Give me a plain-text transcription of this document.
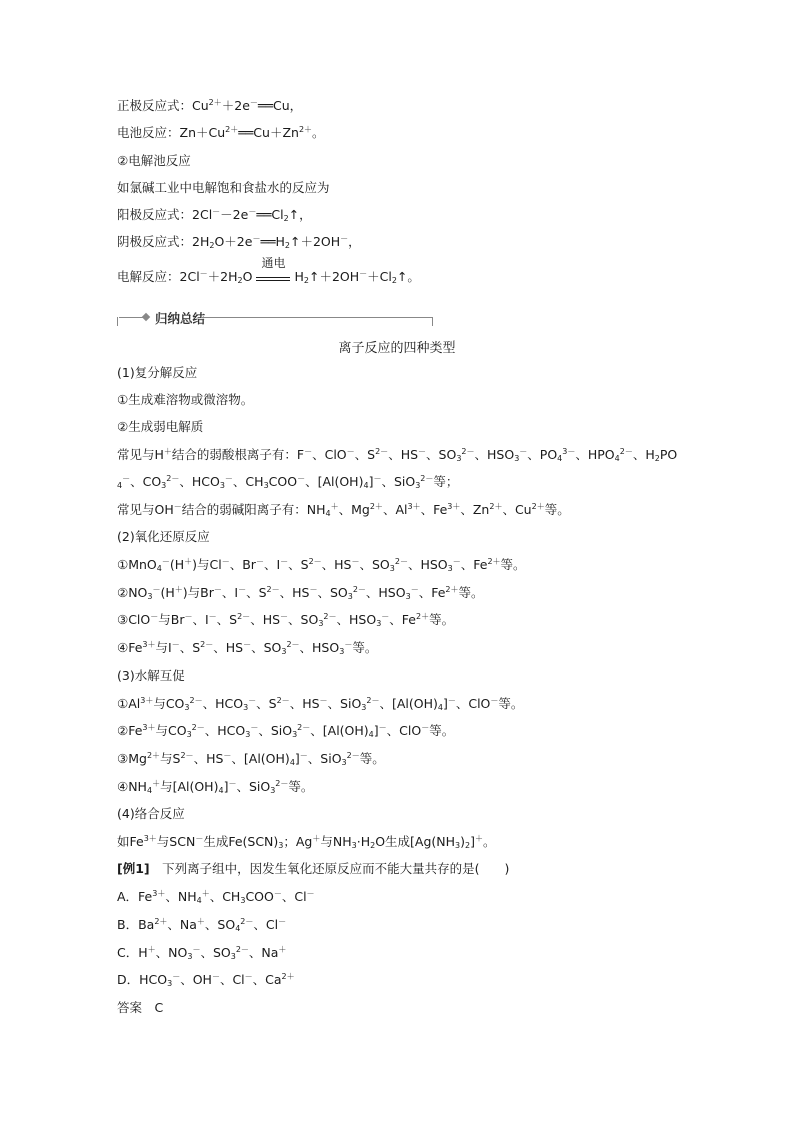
正极反应式：$Cu^{2+}+2e^-══Cu$，
电池反应：$Zn+Cu^{2+}══Cu+Zn^{2+}$。
②电解池反应
如氯碱工业中电解饱和食盐水的反应为
阳极反应式：$2Cl^--2e^-══Cl_2↑$，
阴极反应式：$2H_2O+2e^-══H_2↑+2OH^-$，
电解反应：$2Cl^-+2H_2O$
通电
$H_2↑+2OH^-+Cl_2↑$。
归纳总结
离子反应的四种类型
(1)复分解反应
①生成难溶物或微溶物。
②生成弱电解质
常见与H＋结合的弱酸根离子有：F－、ClO－、$S^{2-}$、HS－、$SO_3^{2-}$、$HSO_3^-$、$PO_4^{3-}$、$HPO_4^{2-}$、$H_2PO$
$_4$－、$CO_3^{2-}$、$HCO_3^-$、$CH_3COO^-$、$[Al(OH)_4]^-$、SiO$_3^{2-}$等；
常见与OH－结合的弱碱阳离子有：$NH_4^+$、$Mg^{2+}$、$Al^{3+}$、$Fe^{3+}$、$Zn^{2+}$、$Cu^{2+}$等。
(2)氧化还原反应
①MnO$_4$－(H＋)与Cl－、Br－、I－、$S^{2-}$、HS－、$SO_3^{2-}$、$HSO_3^-$、$Fe^{2+}$等。
$②NO_3^-(H^+)$与Br－、I－、$S^{2-}$、HS－、$SO_3^{2-}$、$HSO_3^-$、$Fe^{2+}$等。
③ClO－与Br－、I－、$S^{2-}$、HS－、$SO_3^{2-}$、$HSO_3^-$、$Fe^{2+}$等。
$④Fe^{3+}$与I－、$S^{2-}$、HS－、$SO_3^{2-}$、$HSO_3^-$等。
(3)水解互促
$①Al^{3+}$与$CO_3^{2-}$、$HCO_3^-$、$S^{2-}$、HS－、SiO$_3^{2-}$、$[Al(OH)_4]^-$、ClO－等。
$②Fe^{3+}$与$CO_3^{2-}$、$HCO_3^-$、SiO$_3^{2-}$、$[Al(OH)_4]^-$、ClO－等。
$③Mg^{2+}$与$S^{2-}$、HS－、$[Al(OH)_4]^-$、SiO$_3^{2-}$等。
$④NH_4^+$与$[Al(OH)_4]^-$、SiO$_3^{2-}$等。
(4)络合反应
如$Fe^{3+}$与SCN－生成$Fe(SCN)_3$；Ag＋与$NH_3\cdot H_2O$生成$[Ag(NH_3)_2]^+$。
[例1]　 下列离子组中，因发生氧化还原反应而不能大量共存的是(　　)
A．$Fe^{3+}$、$NH_4^+$、$CH_3COO^-$、Cl－
B．$Ba^{2+}$、Na＋、$SO_4^{2-}$、Cl－
C．H＋、$NO_3^-$、$SO_3^{2-}$、Na＋
D．$HCO_3^-$、OH－、Cl－、$Ca^{2+}$
答案　 C
